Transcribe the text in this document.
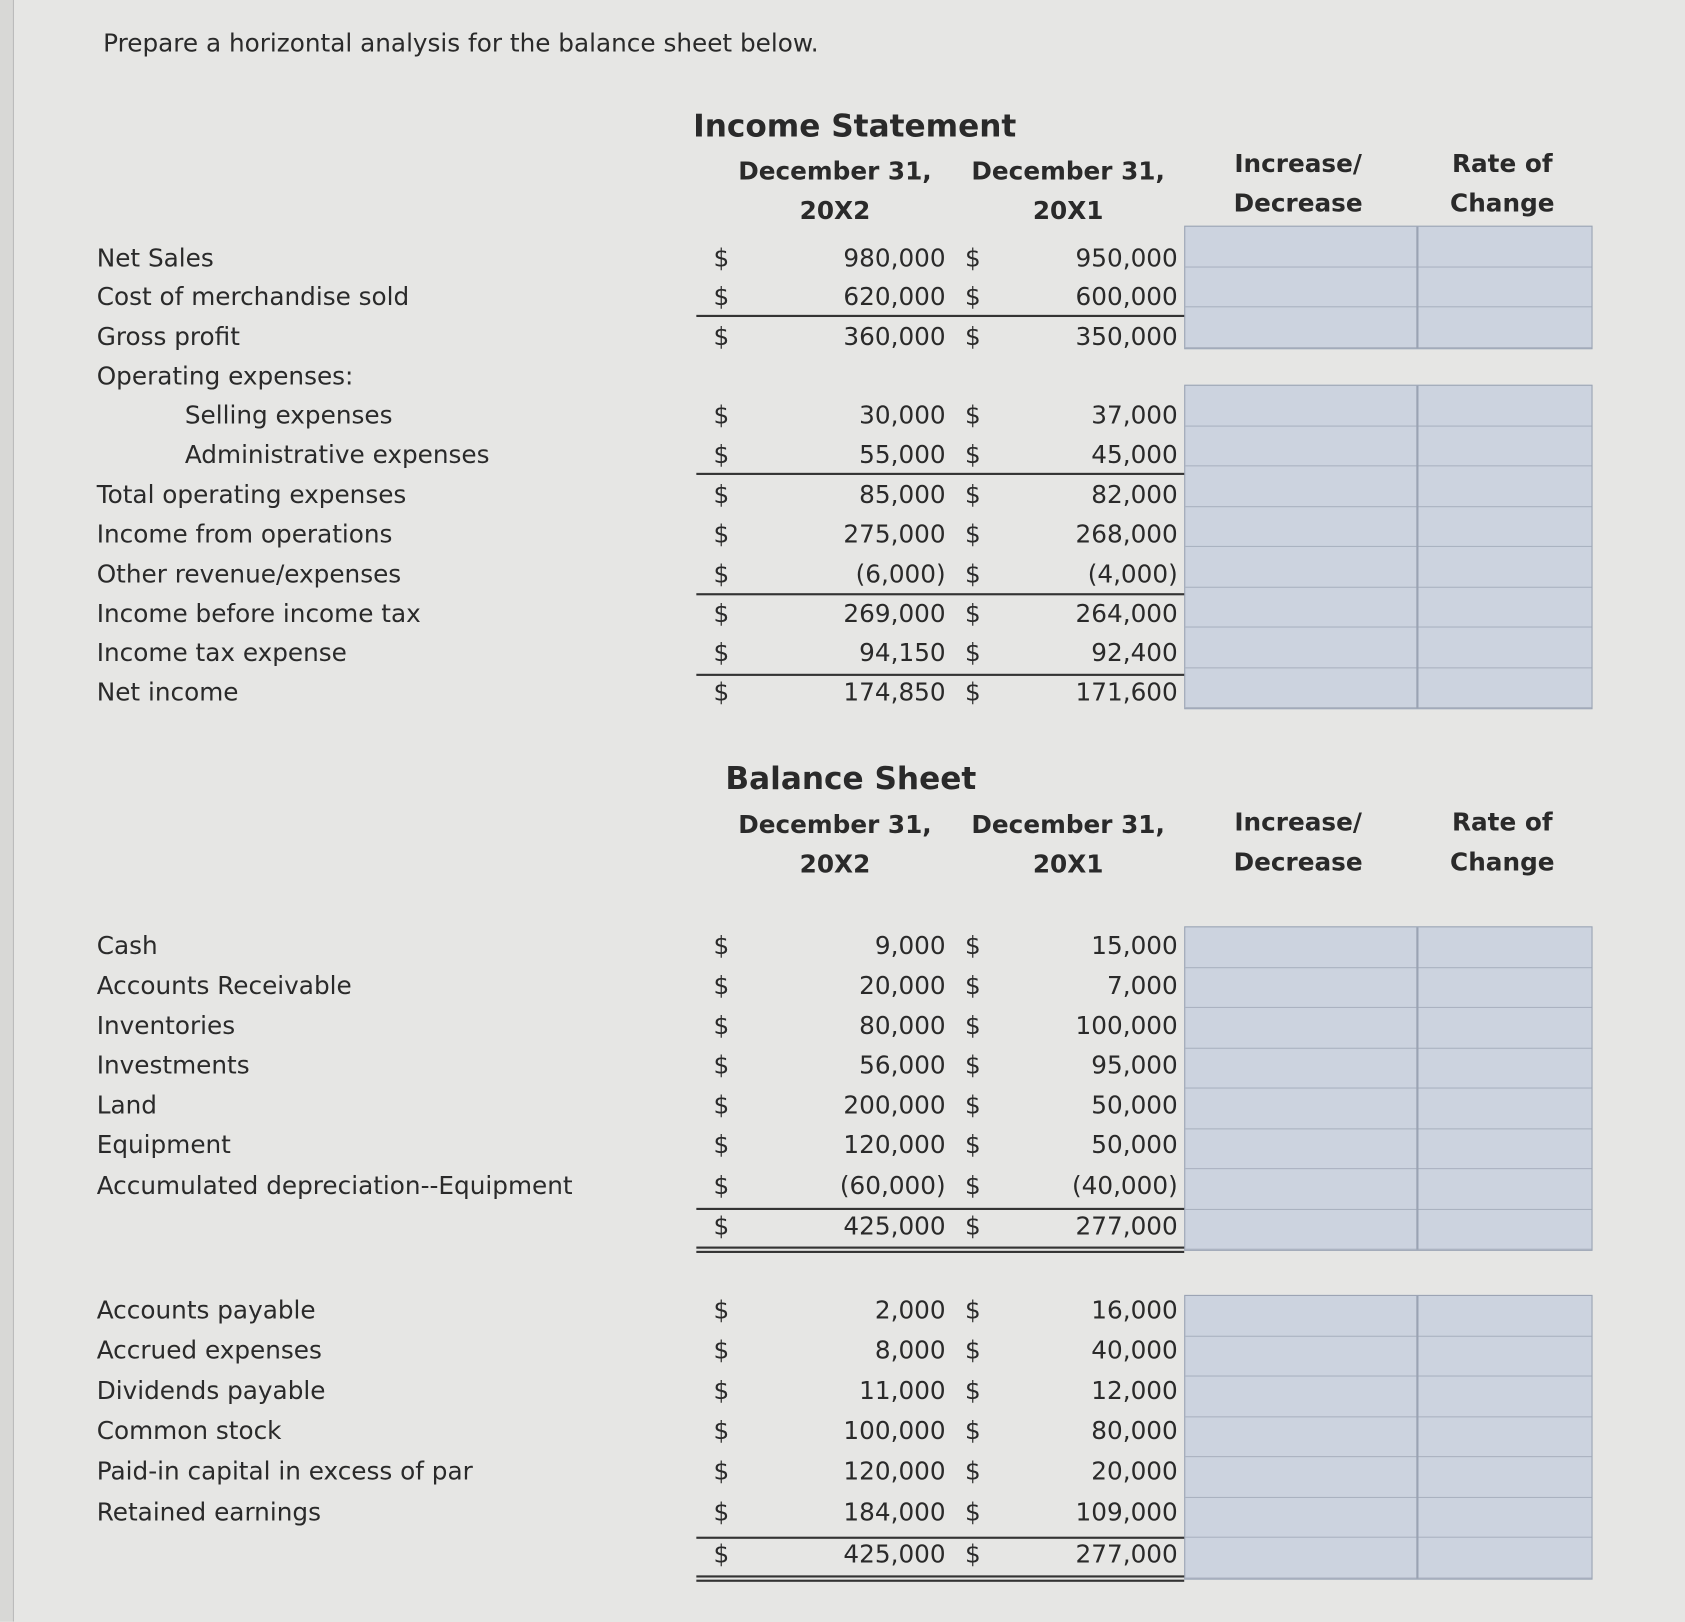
Prepare a horizontal analysis for the balance sheet below.
Income Statement
December 31,
20X2
December 31,
20X1
Increase/
Decrease
Rate of
Change
Net Sales	$	980,000 $	950,000
Cost of merchandise sold	$	620,000 $	600,000
Gross profit	$	360,000 $	350,000
Operating expenses:
Selling expenses	$	30,000 $	37,000
Administrative expenses	$	55,000 $	45,000
Total operating expenses	$	85,000 $	82,000
Income from operations	$	275,000 $	268,000
Other revenue/expenses	$	(6,000) $	(4,000)
Income before income tax	$	269,000 $	264,000
Income tax expense	$	94,150 $	92,400
Net income	$	174,850 $	171,600
Balance Sheet
December 31,
20X2
December 31,
20X1
Increase/
Decrease
Rate of
Change
Cash	$	9,000 $	15,000
Accounts Receivable	$	20,000 $	7,000
Inventories	$	80,000 $	100,000
Investments	$	56,000 $	95,000
Land	$	200,000 $	50,000
Equipment	$	120,000 $	50,000
Accumulated depreciation--Equipment	$	(60,000) $	(40,000)
$	425,000 $	277,000
Accounts payable	$	2,000 $	16,000
Accrued expenses	$	8,000 $	40,000
Dividends payable	$	11,000 $	12,000
Common stock	$	100,000 $	80,000
Paid-in capital in excess of par	$	120,000 $	20,000
Retained earnings	$	184,000 $	109,000
$	425,000 $	277,000
